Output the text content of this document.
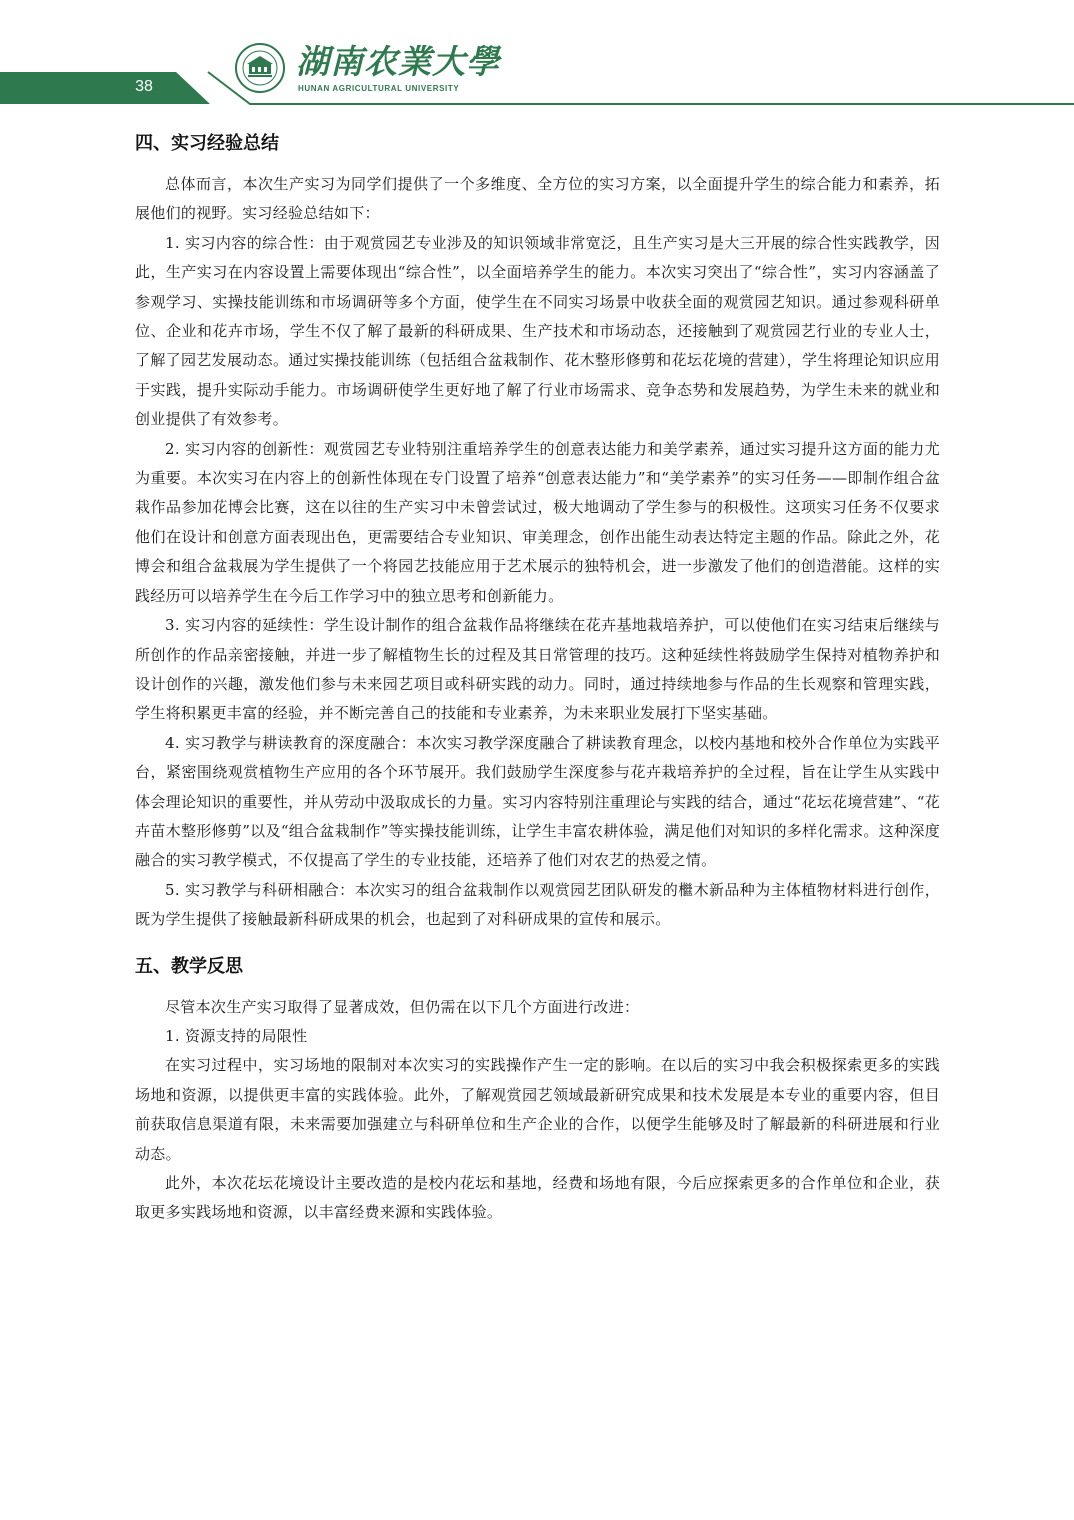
38
湖南农業大學
HUNAN AGRICULTURAL UNIVERSITY
四、实习经验总结

总体而言，本次生产实习为同学们提供了一个多维度、全方位的实习方案，以全面提升学生的综合能力和素养，拓展他们的视野。实习经验总结如下：

1. 实习内容的综合性：由于观赏园艺专业涉及的知识领域非常宽泛，且生产实习是大三开展的综合性实践教学，因此，生产实习在内容设置上需要体现出“综合性”，以全面培养学生的能力。本次实习突出了“综合性”，实习内容涵盖了参观学习、实操技能训练和市场调研等多个方面，使学生在不同实习场景中收获全面的观赏园艺知识。通过参观科研单位、企业和花卉市场，学生不仅了解了最新的科研成果、生产技术和市场动态，还接触到了观赏园艺行业的专业人士，了解了园艺发展动态。通过实操技能训练（包括组合盆栽制作、花木整形修剪和花坛花境的营建），学生将理论知识应用于实践，提升实际动手能力。市场调研使学生更好地了解了行业市场需求、竞争态势和发展趋势，为学生未来的就业和创业提供了有效参考。

2. 实习内容的创新性：观赏园艺专业特别注重培养学生的创意表达能力和美学素养，通过实习提升这方面的能力尤为重要。本次实习在内容上的创新性体现在专门设置了培养“创意表达能力”和“美学素养”的实习任务——即制作组合盆栽作品参加花博会比赛，这在以往的生产实习中未曾尝试过，极大地调动了学生参与的积极性。这项实习任务不仅要求他们在设计和创意方面表现出色，更需要结合专业知识、审美理念，创作出能生动表达特定主题的作品。除此之外，花博会和组合盆栽展为学生提供了一个将园艺技能应用于艺术展示的独特机会，进一步激发了他们的创造潜能。这样的实践经历可以培养学生在今后工作学习中的独立思考和创新能力。

3. 实习内容的延续性：学生设计制作的组合盆栽作品将继续在花卉基地栽培养护，可以使他们在实习结束后继续与所创作的作品亲密接触，并进一步了解植物生长的过程及其日常管理的技巧。这种延续性将鼓励学生保持对植物养护和设计创作的兴趣，激发他们参与未来园艺项目或科研实践的动力。同时，通过持续地参与作品的生长观察和管理实践，学生将积累更丰富的经验，并不断完善自己的技能和专业素养，为未来职业发展打下坚实基础。

4. 实习教学与耕读教育的深度融合：本次实习教学深度融合了耕读教育理念，以校内基地和校外合作单位为实践平台，紧密围绕观赏植物生产应用的各个环节展开。我们鼓励学生深度参与花卉栽培养护的全过程，旨在让学生从实践中体会理论知识的重要性，并从劳动中汲取成长的力量。实习内容特别注重理论与实践的结合，通过“花坛花境营建”、“花卉苗木整形修剪”以及“组合盆栽制作”等实操技能训练，让学生丰富农耕体验，满足他们对知识的多样化需求。这种深度融合的实习教学模式，不仅提高了学生的专业技能，还培养了他们对农艺的热爱之情。

5. 实习教学与科研相融合：本次实习的组合盆栽制作以观赏园艺团队研发的檵木新品种为主体植物材料进行创作，既为学生提供了接触最新科研成果的机会，也起到了对科研成果的宣传和展示。

五、教学反思

尽管本次生产实习取得了显著成效，但仍需在以下几个方面进行改进：

1. 资源支持的局限性

在实习过程中，实习场地的限制对本次实习的实践操作产生一定的影响。在以后的实习中我会积极探索更多的实践场地和资源，以提供更丰富的实践体验。此外，了解观赏园艺领域最新研究成果和技术发展是本专业的重要内容，但目前获取信息渠道有限，未来需要加强建立与科研单位和生产企业的合作，以便学生能够及时了解最新的科研进展和行业动态。

此外，本次花坛花境设计主要改造的是校内花坛和基地，经费和场地有限，今后应探索更多的合作单位和企业，获取更多实践场地和资源，以丰富经费来源和实践体验。
